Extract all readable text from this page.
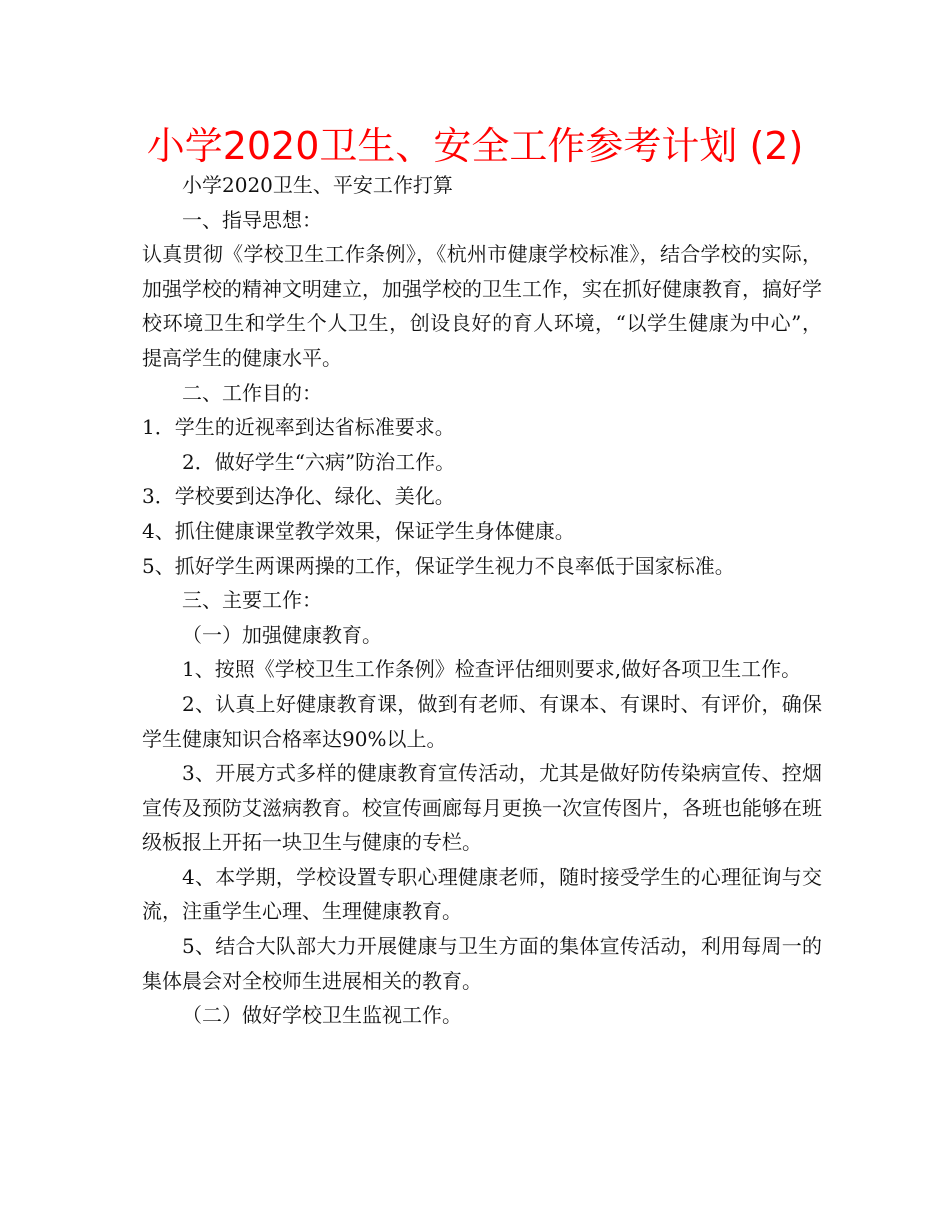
小学2020卫生、安全工作参考计划 (2)

小学2020卫生、平安工作打算

一、指导思想：

认真贯彻《学校卫生工作条例》，《杭州市健康学校标准》，结合学校的实际，加强学校的精神文明建立，加强学校的卫生工作，实在抓好健康教育，搞好学校环境卫生和学生个人卫生，创设良好的育人环境，“以学生健康为中心”，提高学生的健康水平。

二、工作目的：

1．学生的近视率到达省标准要求。

2．做好学生“六病”防治工作。

3．学校要到达净化、绿化、美化。

4、抓住健康课堂教学效果，保证学生身体健康。

5、抓好学生两课两操的工作，保证学生视力不良率低于国家标准。

三、主要工作：

（一）加强健康教育。

1、按照《学校卫生工作条例》检查评估细则要求,做好各项卫生工作。

2、认真上好健康教育课，做到有老师、有课本、有课时、有评价，确保学生健康知识合格率达90%以上。

3、开展方式多样的健康教育宣传活动，尤其是做好防传染病宣传、控烟宣传及预防艾滋病教育。校宣传画廊每月更换一次宣传图片，各班也能够在班级板报上开拓一块卫生与健康的专栏。

4、本学期，学校设置专职心理健康老师，随时接受学生的心理征询与交流，注重学生心理、生理健康教育。

5、结合大队部大力开展健康与卫生方面的集体宣传活动，利用每周一的集体晨会对全校师生进展相关的教育。

（二）做好学校卫生监视工作。
